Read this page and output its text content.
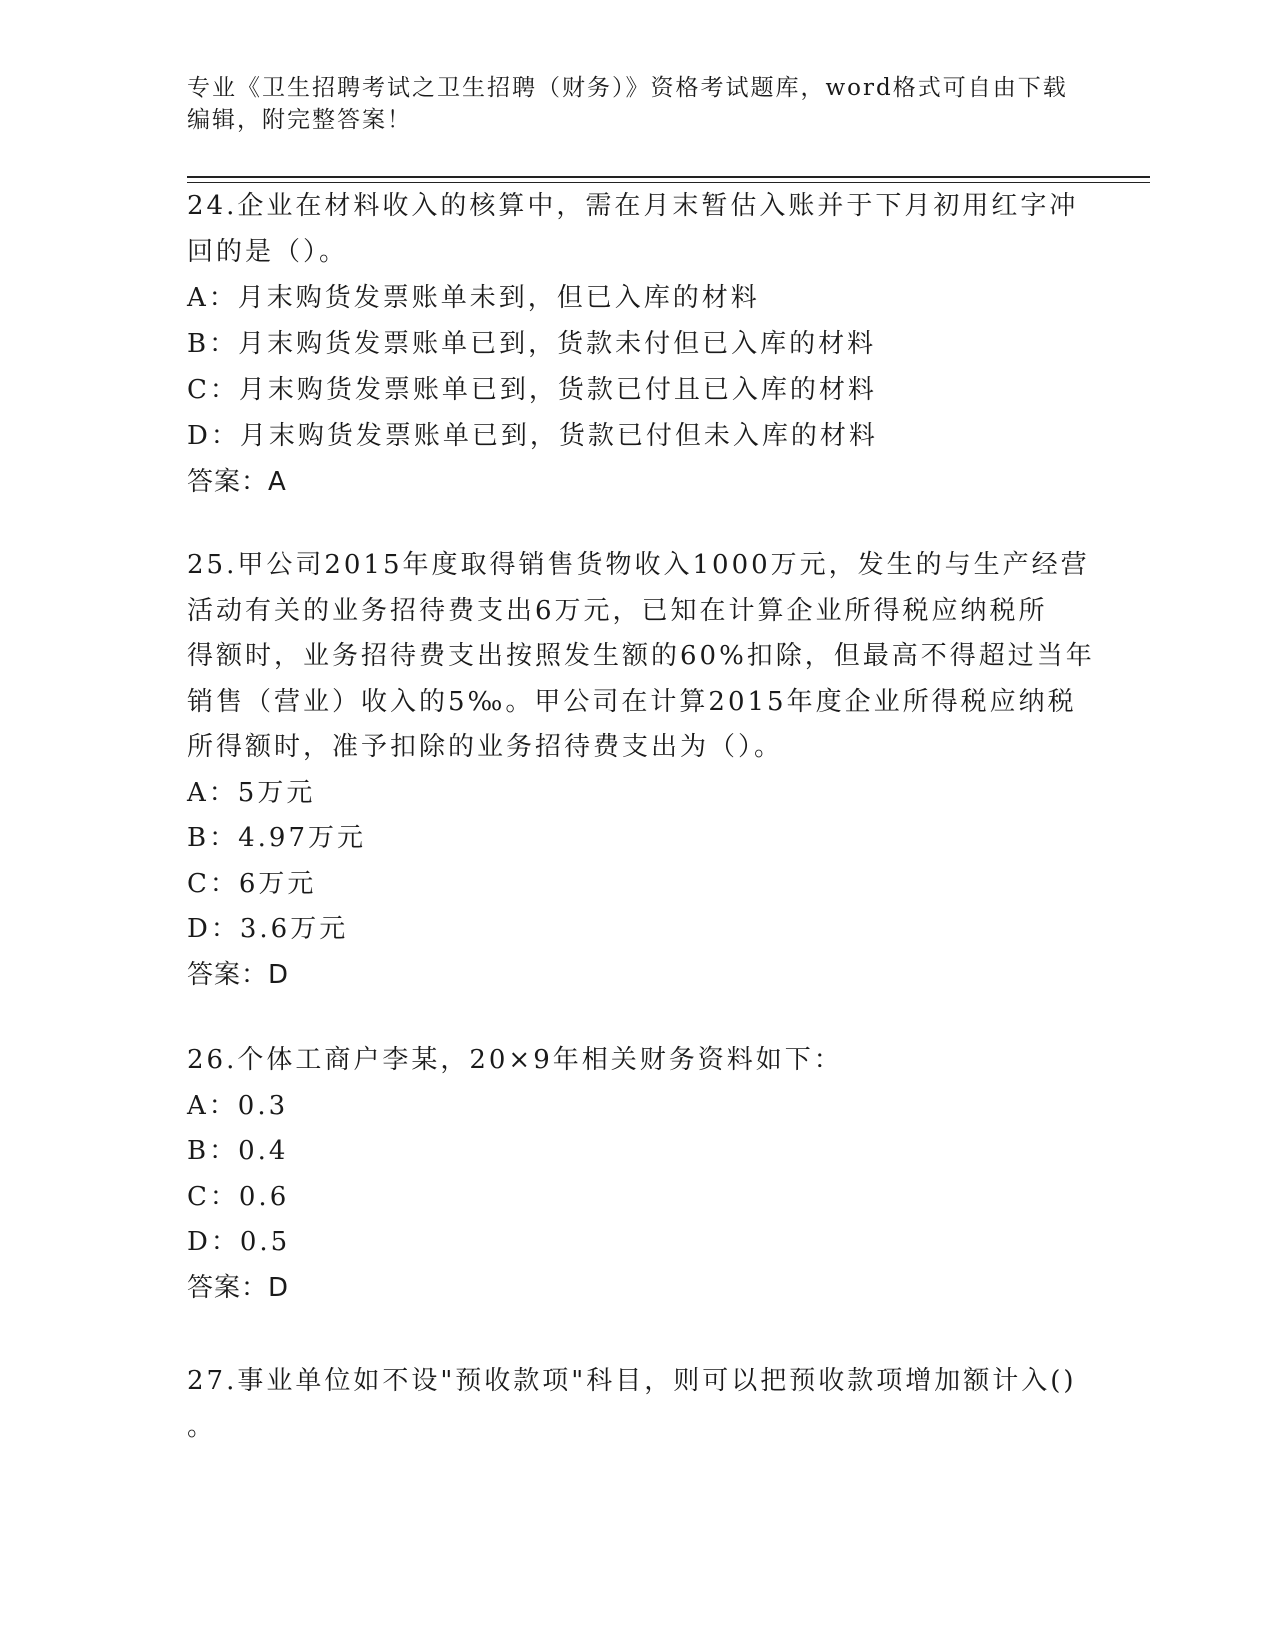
专业《卫生招聘考试之卫生招聘（财务）》资格考试题库，word格式可自由下载
编辑，附完整答案！
24.企业在材料收入的核算中，需在月末暂估入账并于下月初用红字冲
回的是（）。
A：月末购货发票账单未到，但已入库的材料
B：月末购货发票账单已到，货款未付但已入库的材料
C：月末购货发票账单已到，货款已付且已入库的材料
D：月末购货发票账单已到，货款已付但未入库的材料
答案：A
25.甲公司2015年度取得销售货物收入1000万元，发生的与生产经营
活动有关的业务招待费支出6万元，已知在计算企业所得税应纳税所
得额时，业务招待费支出按照发生额的60%扣除，但最高不得超过当年
销售（营业）收入的5‰。甲公司在计算2015年度企业所得税应纳税
所得额时，准予扣除的业务招待费支出为（）。
A：5万元
B：4.97万元
C：6万元
D：3.6万元
答案：D
26.个体工商户李某，20×9年相关财务资料如下：
A：0.3
B：0.4
C：0.6
D：0.5
答案：D
27.事业单位如不设"预收款项"科目，则可以把预收款项增加额计入()
。
